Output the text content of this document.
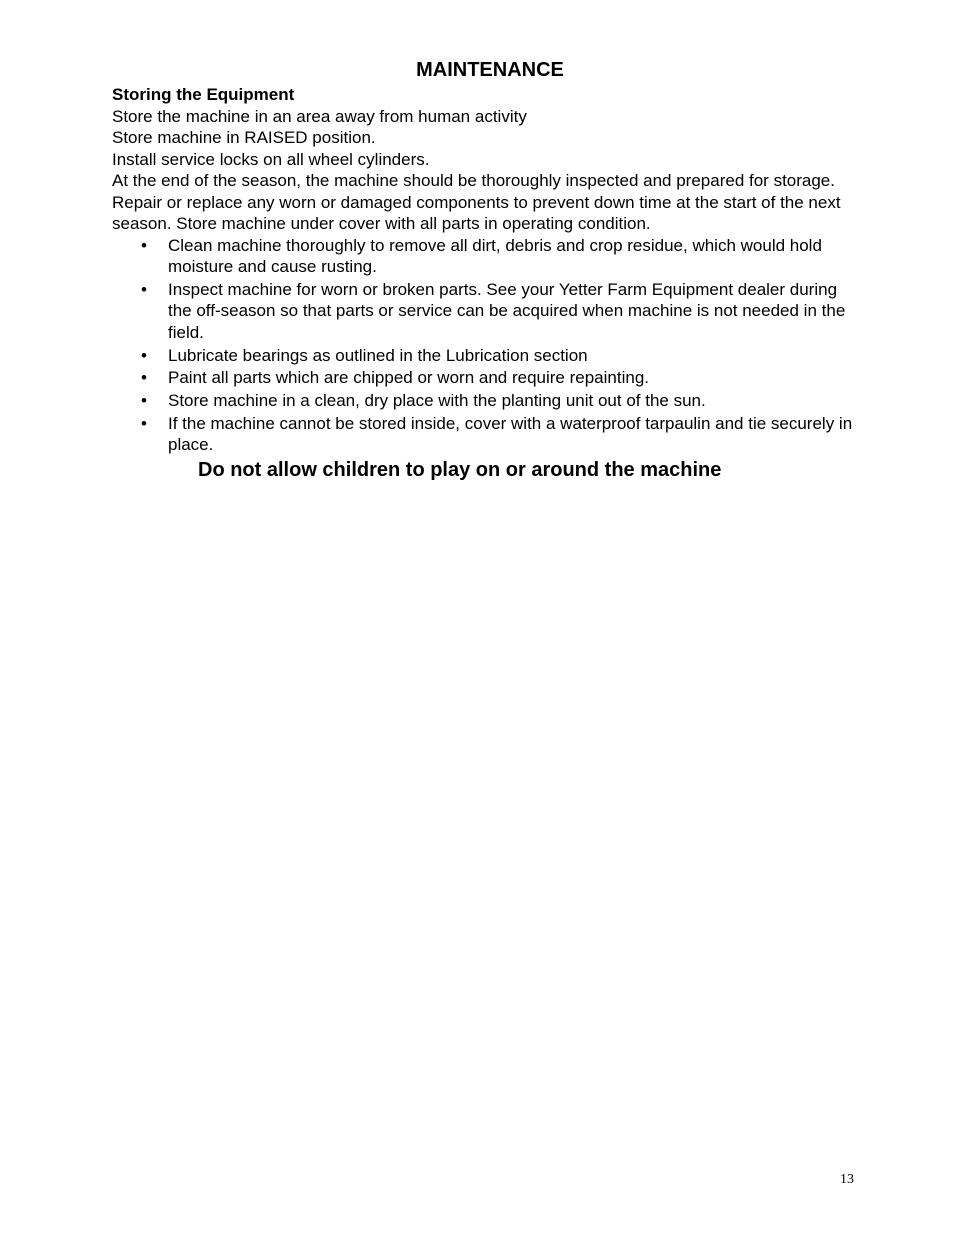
MAINTENANCE
Storing the Equipment

Store the machine in an area away from human activity

Store machine in RAISED position.

Install service locks on all wheel cylinders.

At the end of the season, the machine should be thoroughly inspected and prepared for storage. Repair or replace any worn or damaged components to prevent down time at the start of the next season. Store machine under cover with all parts in operating condition.

• Clean machine thoroughly to remove all dirt, debris and crop residue, which would hold moisture and cause rusting.
• Inspect machine for worn or broken parts. See your Yetter Farm Equipment dealer during the off-season so that parts or service can be acquired when machine is not needed in the field.
• Lubricate bearings as outlined in the Lubrication section
• Paint all parts which are chipped or worn and require repainting.
• Store machine in a clean, dry place with the planting unit out of the sun.
• If the machine cannot be stored inside, cover with a waterproof tarpaulin and tie securely in place.

Do not allow children to play on or around the machine

13
